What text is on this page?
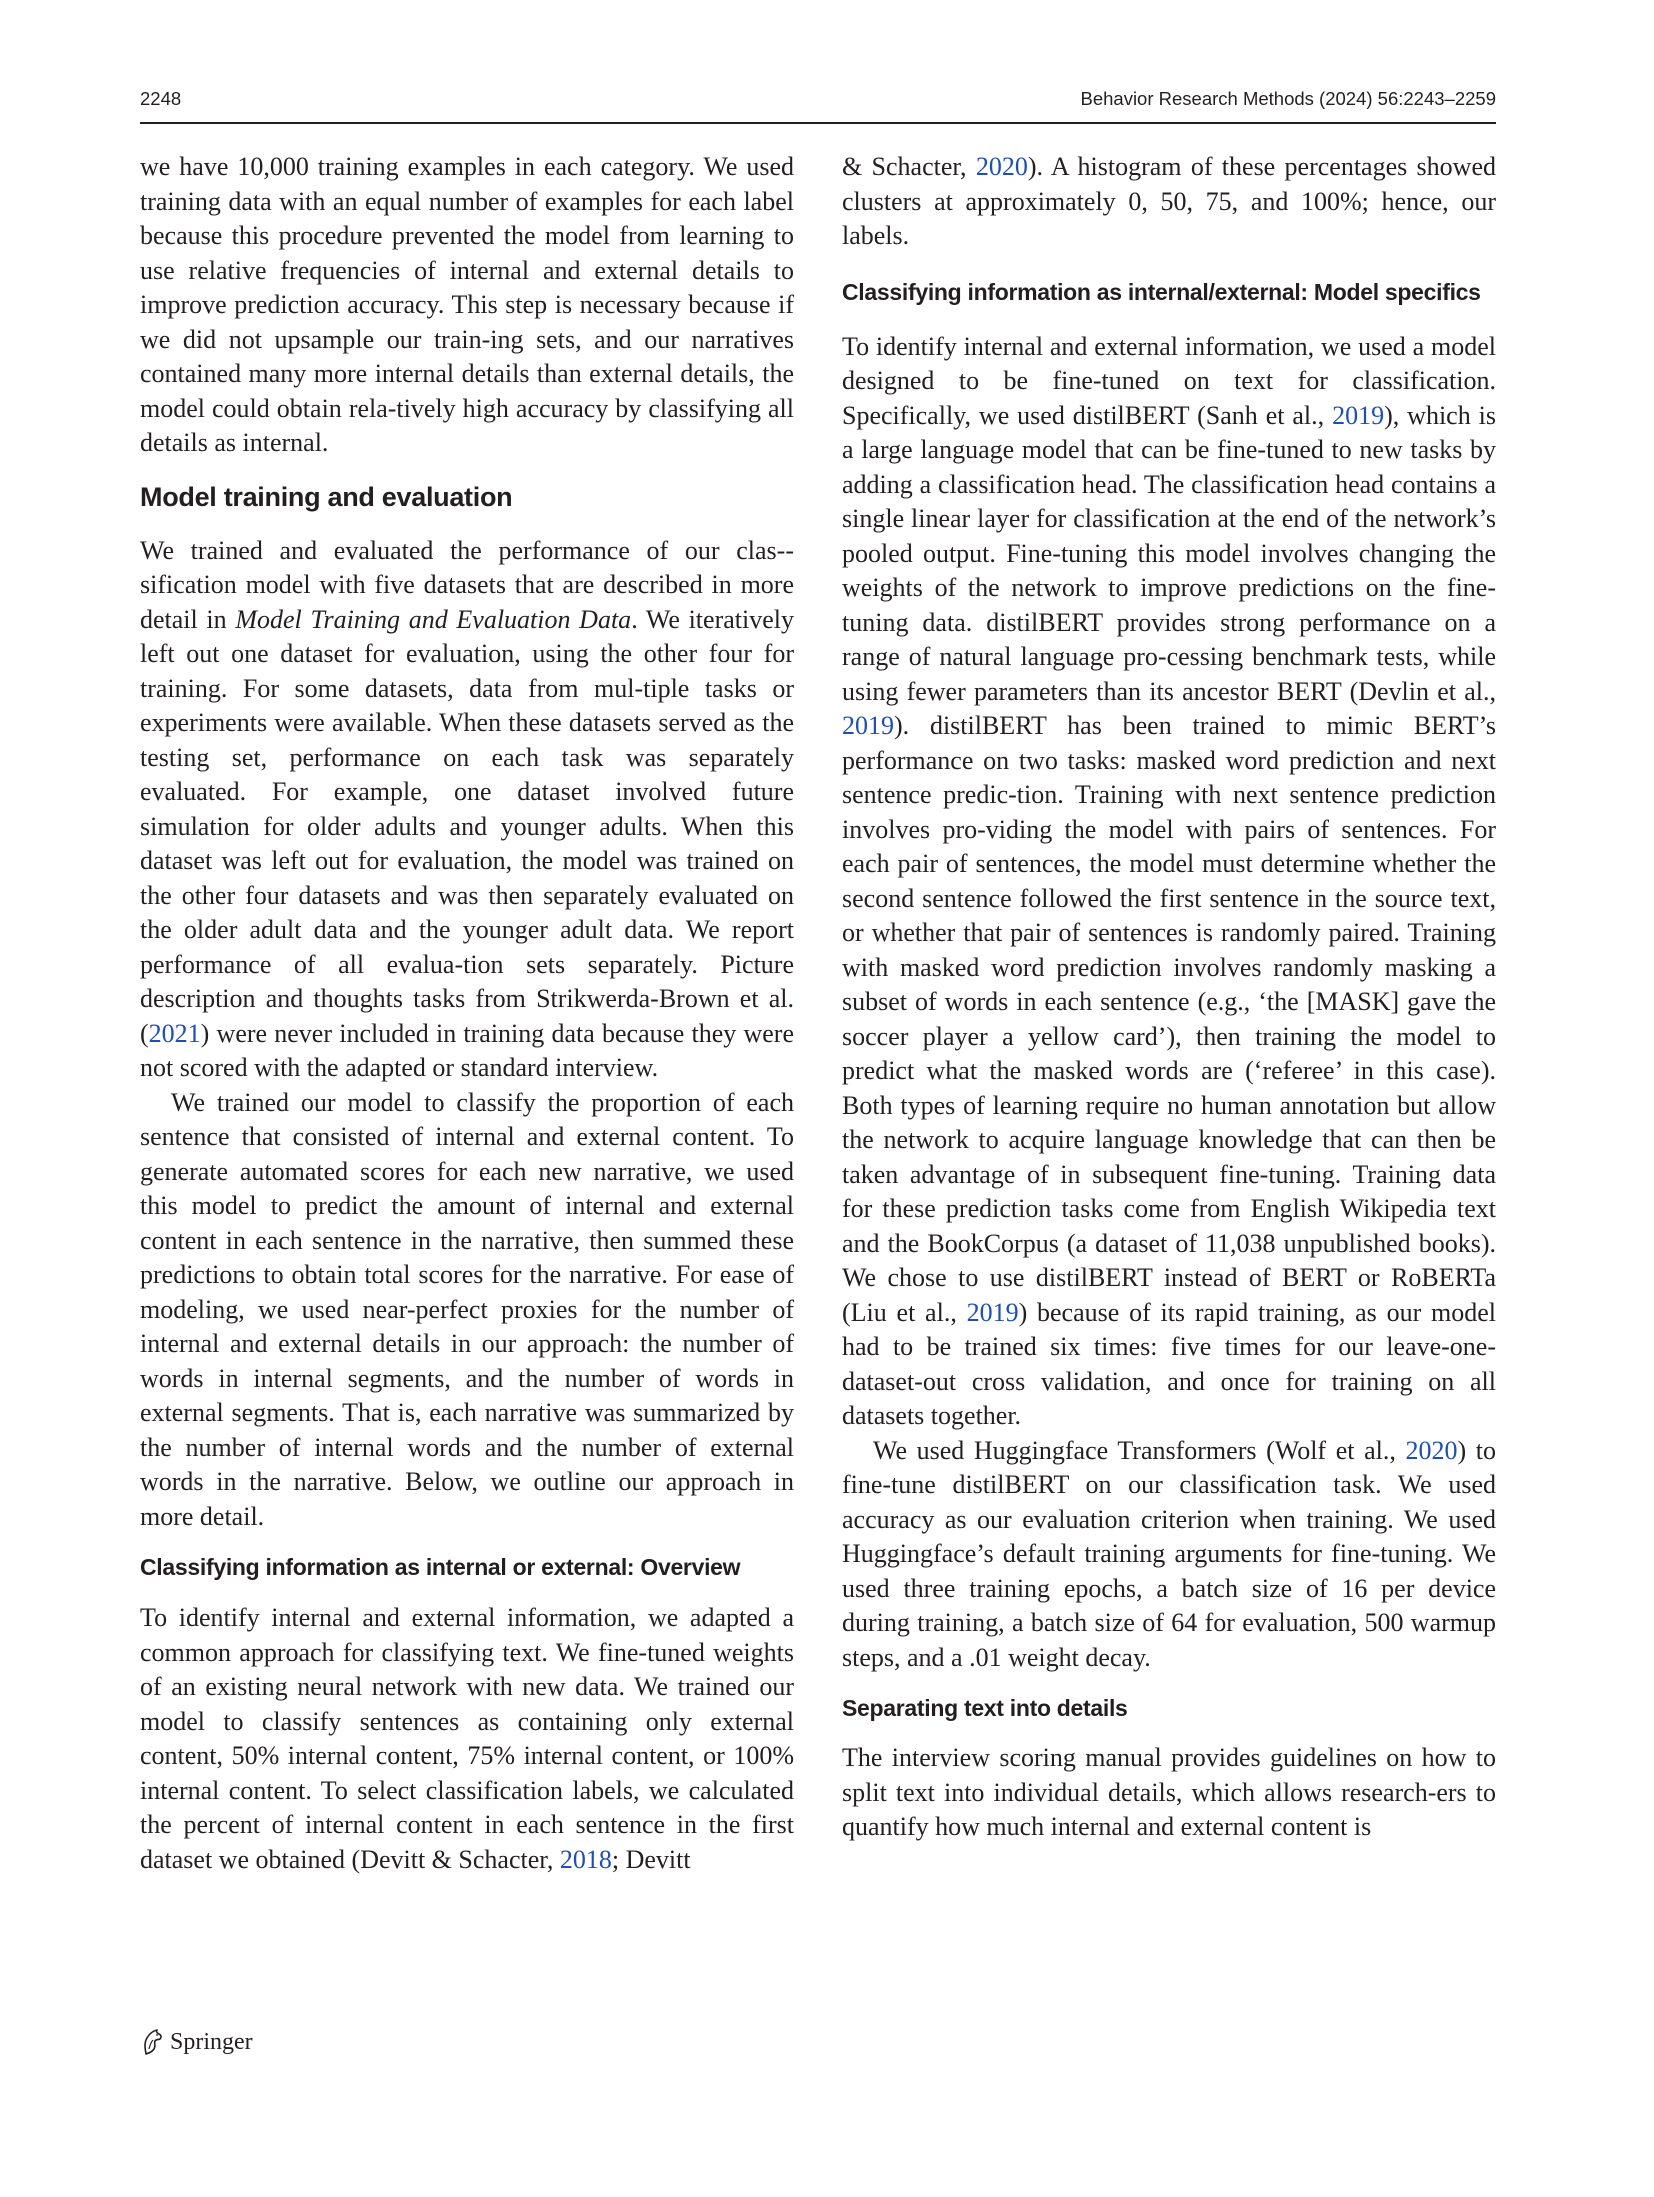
2248	Behavior Research Methods (2024) 56:2243–2259

we have 10,000 training examples in each category. We used training data with an equal number of examples for each label because this procedure prevented the model from learning to use relative frequencies of internal and external details to improve prediction accuracy. This step is necessary because if we did not upsample our train-ing sets, and our narratives contained many more internal details than external details, the model could obtain rela-tively high accuracy by classifying all details as internal.

Model training and evaluation

We trained and evaluated the performance of our clas-sification model with five datasets that are described in more detail in Model Training and Evaluation Data. We iteratively left out one dataset for evaluation, using the other four for training. For some datasets, data from mul-tiple tasks or experiments were available. When these datasets served as the testing set, performance on each task was separately evaluated. For example, one dataset involved future simulation for older adults and younger adults. When this dataset was left out for evaluation, the model was trained on the other four datasets and was then separately evaluated on the older adult data and the younger adult data. We report performance of all evalua-tion sets separately. Picture description and thoughts tasks from Strikwerda-Brown et al. (2021) were never included in training data because they were not scored with the adapted or standard interview.

We trained our model to classify the proportion of each sentence that consisted of internal and external content. To generate automated scores for each new narrative, we used this model to predict the amount of internal and external content in each sentence in the narrative, then summed these predictions to obtain total scores for the narrative. For ease of modeling, we used near-perfect proxies for the number of internal and external details in our approach: the number of words in internal segments, and the number of words in external segments. That is, each narrative was summarized by the number of internal words and the number of external words in the narrative. Below, we outline our approach in more detail.

Classifying information as internal or external: Overview

To identify internal and external information, we adapted a common approach for classifying text. We fine-tuned weights of an existing neural network with new data. We trained our model to classify sentences as containing only external content, 50% internal content, 75% internal content, or 100% internal content. To select classification labels, we calculated the percent of internal content in each sentence in the first dataset we obtained (Devitt & Schacter, 2018; Devitt

& Schacter, 2020). A histogram of these percentages showed clusters at approximately 0, 50, 75, and 100%; hence, our labels.

Classifying information as internal/external: Model specifics

To identify internal and external information, we used a model designed to be fine-tuned on text for classification. Specifically, we used distilBERT (Sanh et al., 2019), which is a large language model that can be fine-tuned to new tasks by adding a classification head. The classification head contains a single linear layer for classification at the end of the network’s pooled output. Fine-tuning this model involves changing the weights of the network to improve predictions on the fine-tuning data. distilBERT provides strong performance on a range of natural language pro-cessing benchmark tests, while using fewer parameters than its ancestor BERT (Devlin et al., 2019). distilBERT has been trained to mimic BERT’s performance on two tasks: masked word prediction and next sentence predic-tion. Training with next sentence prediction involves pro-viding the model with pairs of sentences. For each pair of sentences, the model must determine whether the second sentence followed the first sentence in the source text, or whether that pair of sentences is randomly paired. Training with masked word prediction involves randomly masking a subset of words in each sentence (e.g., ‘the [MASK] gave the soccer player a yellow card’), then training the model to predict what the masked words are (‘referee’ in this case). Both types of learning require no human annotation but allow the network to acquire language knowledge that can then be taken advantage of in subsequent fine-tuning. Training data for these prediction tasks come from English Wikipedia text and the BookCorpus (a dataset of 11,038 unpublished books). We chose to use distilBERT instead of BERT or RoBERTa (Liu et al., 2019) because of its rapid training, as our model had to be trained six times: five times for our leave-one-dataset-out cross validation, and once for training on all datasets together.

We used Huggingface Transformers (Wolf et al., 2020) to fine-tune distilBERT on our classification task. We used accuracy as our evaluation criterion when training. We used Huggingface’s default training arguments for fine-tuning. We used three training epochs, a batch size of 16 per device during training, a batch size of 64 for evaluation, 500 warmup steps, and a .01 weight decay.

Separating text into details

The interview scoring manual provides guidelines on how to split text into individual details, which allows research-ers to quantify how much internal and external content is

Springer
